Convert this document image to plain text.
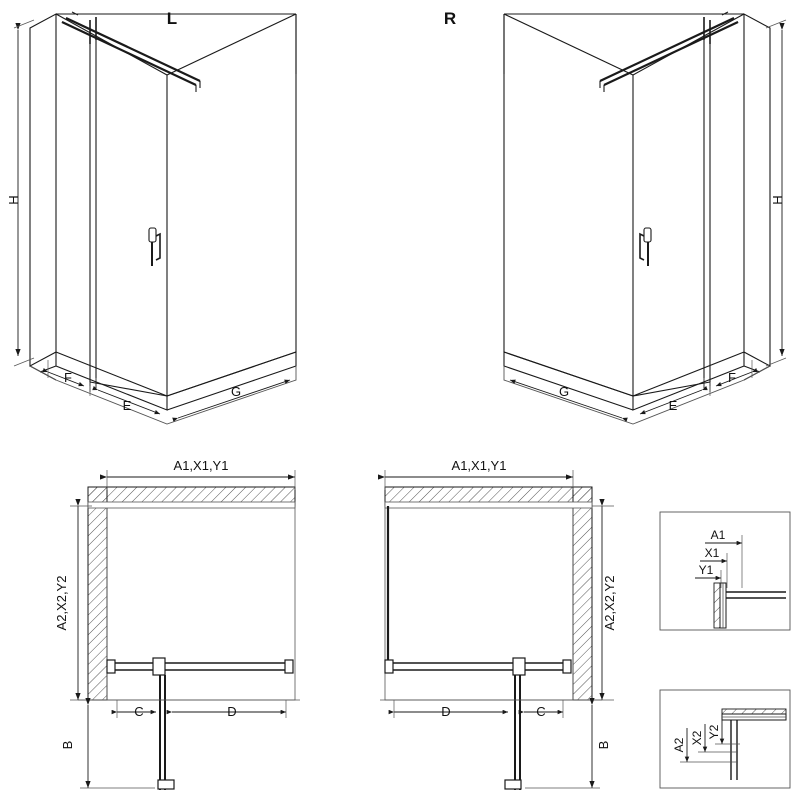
L	R
H	H
F
E
G
F
E
G
A1,X1,Y1
A2,X2,Y2
C	D
B
A1,X1,Y1
A2,X2,Y2
D	C
B
A1
X1
Y1
A2 X2 Y2
